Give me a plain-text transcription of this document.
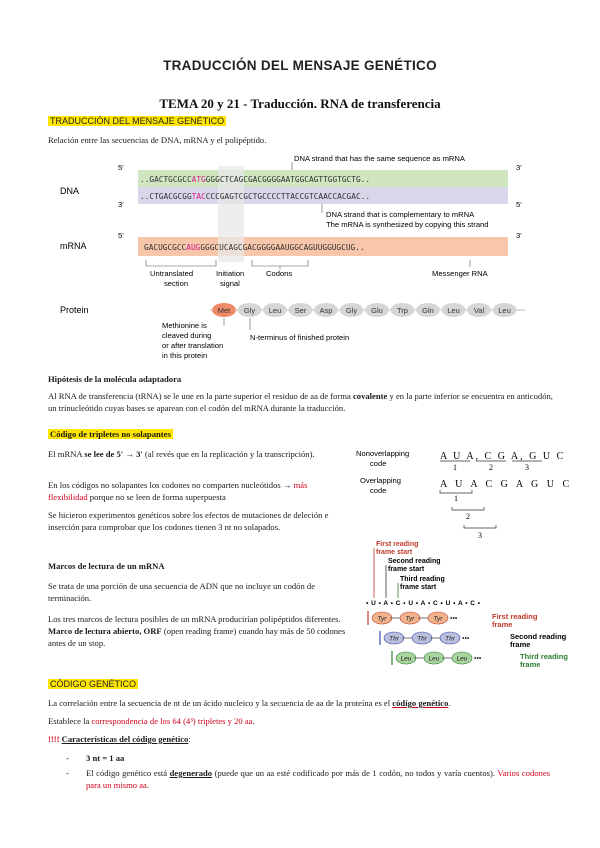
TRADUCCIÓN DEL MENSAJE GENÉTICO
TEMA 20 y 21 - Traducción. RNA de transferencia
TRADUCCIÓN DEL MENSAJE GENÉTICO
Relación entre las secuencias de DNA, mRNA y el polipéptido.
DNA
mRNA
Protein
5'
3'
5'
3'
5'
3'
..GACTGCGCCATGGGGCTCAGCGACGGGGAATGGCAGTTGGTGCTG..
..CTGACGCGGTACCCCGAGTCGCTGCCCCTTACCGTCAACCACGAC..
GACUGCGCCAUGGGGCUCAGCGACGGGGAAUGGCAGUUGGUGCUG..
DNA strand that has the same sequence as mRNA
DNA strand that is complementary to mRNA
The mRNA is synthesized by copying this strand
Untranslated
section
Initiation
signal
Codons	Messenger RNA
Met Gly Leu Ser Asp Gly Glu Trp Gln Leu Val Leu
Methionine is
cleaved during
or after translation
in this protein
N-terminus of finished protein
Hipótesis de la molécula adaptadora
Al RNA de transferencia (tRNA) se le une en la parte superior el residuo de aa de forma covalente y en la parte inferior se encuentra en anticodón, un trinucleótido cuyas bases se aparean con el codón del mRNA durante la traducción.
Código de tripletes no solapantes
El mRNA se lee de 5' → 3' (al revés que en la replicación y la transcripción).
En los códigos no solapantes los codones no comparten nucleótidos → más flexibilidad porque no se leen de forma superpuesta
Se hicieron experimentos genéticos sobre los efectos de mutaciones de deleción e inserción para comprobar que los codones tienen 3 nt no solapados.
Nonoverlapping
code
Overlapping
code
A U A, C G A, G U C
1	2	3
A U A C G A G U C
1
2
3
Marcos de lectura de un mRNA
Se trata de una porción de una secuencia de ADN que no incluye un codón de terminación.
Los tres marcos de lectura posibles de un mRNA producirían polipéptidos diferentes. Marco de lectura abierto, ORF (open reading frame) cuando hay más de 50 codones antes de un stop.
First reading
frame start
Second reading
frame start
Third reading
frame start
• U • A • C • U • A • C • U • A • C •
Tyr	Tyr	Tyr •••
Thr	Thr	Thr •••
Leu	Leu	Leu •••
First reading
frame
Second reading
frame
Third reading
frame
CÓDIGO GENÉTICO
La correlación entre la secuencia de nt de un ácido nucleico y la secuencia de aa de la proteína es el código genético.
Establece la correspondencia de los 64 (4³) tripletes y 20 aa.
!!!! Características del código genético:
- 3 nt = 1 aa
- El código genético está degenerado (puede que un aa esté codificado por más de 1 codón, no todos y varía cuentos). Varios codones para un mismo aa.
